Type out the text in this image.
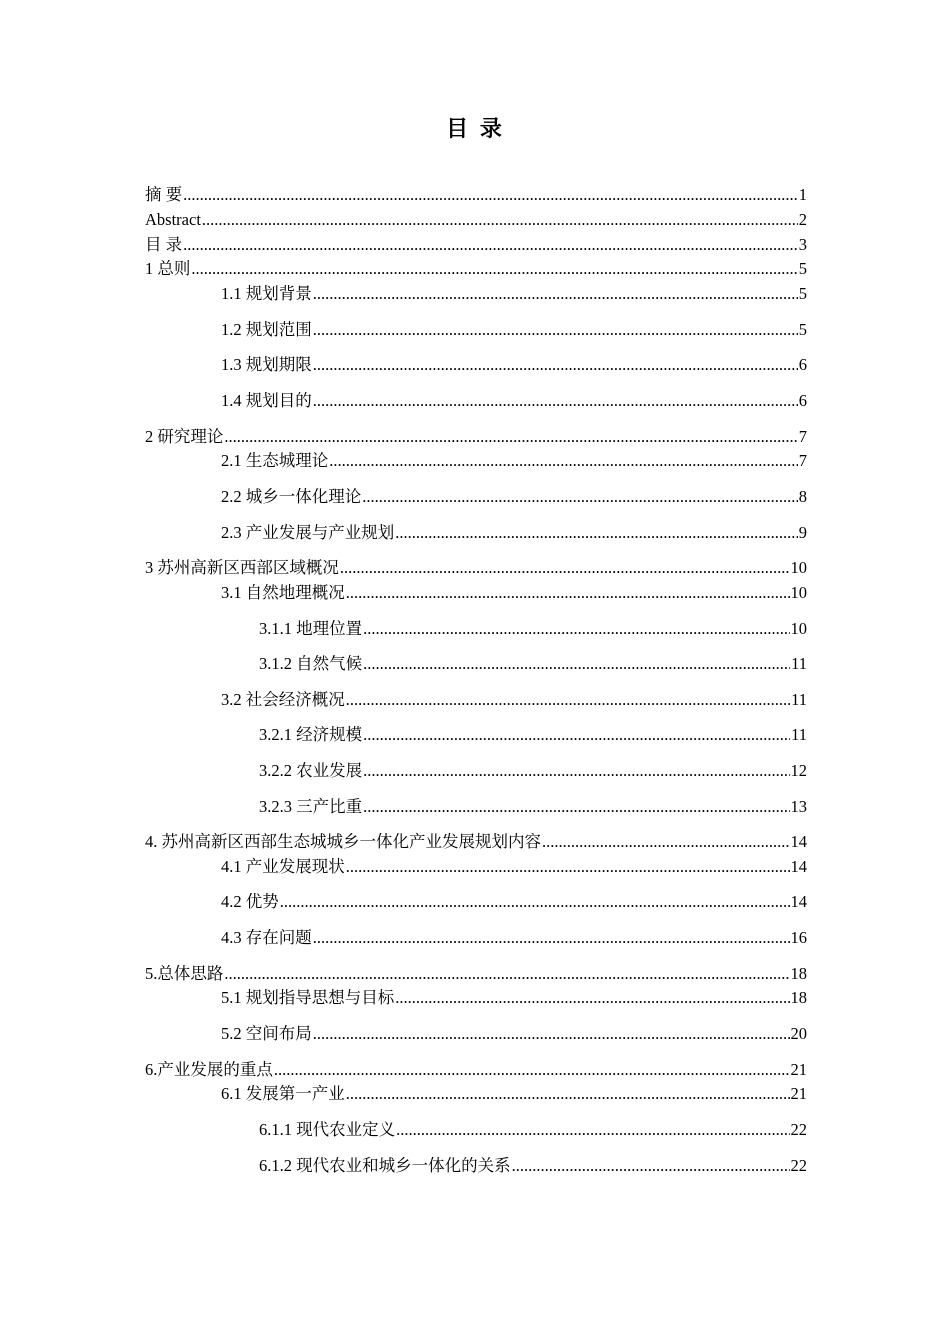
目 录
摘 要 .....	1
Abstract .....	2
目 录 .....	3
1 总则 .....	5
1.1 规划背景 .....	5
1.2 规划范围 .....	5
1.3 规划期限 .....	6
1.4 规划目的 .....	6
2 研究理论 .....	7
2.1 生态城理论 .....	7
2.2 城乡一体化理论 .....	8
2.3 产业发展与产业规划 .....	9
3 苏州高新区西部区域概况 .....	10
3.1 自然地理概况 .....	10
3.1.1 地理位置 .....	10
3.1.2 自然气候 .....	11
3.2 社会经济概况 .....	11
3.2.1 经济规模 .....	11
3.2.2 农业发展 .....	12
3.2.3 三产比重 .....	13
4. 苏州高新区西部生态城城乡一体化产业发展规划内容 .....	14
4.1 产业发展现状 .....	14
4.2 优势 .....	14
4.3 存在问题 .....	16
5.总体思路 .....	18
5.1 规划指导思想与目标 .....	18
5.2 空间布局 .....	20
6.产业发展的重点 .....	21
6.1 发展第一产业 .....	21
6.1.1 现代农业定义 .....	22
6.1.2 现代农业和城乡一体化的关系 .....	22
